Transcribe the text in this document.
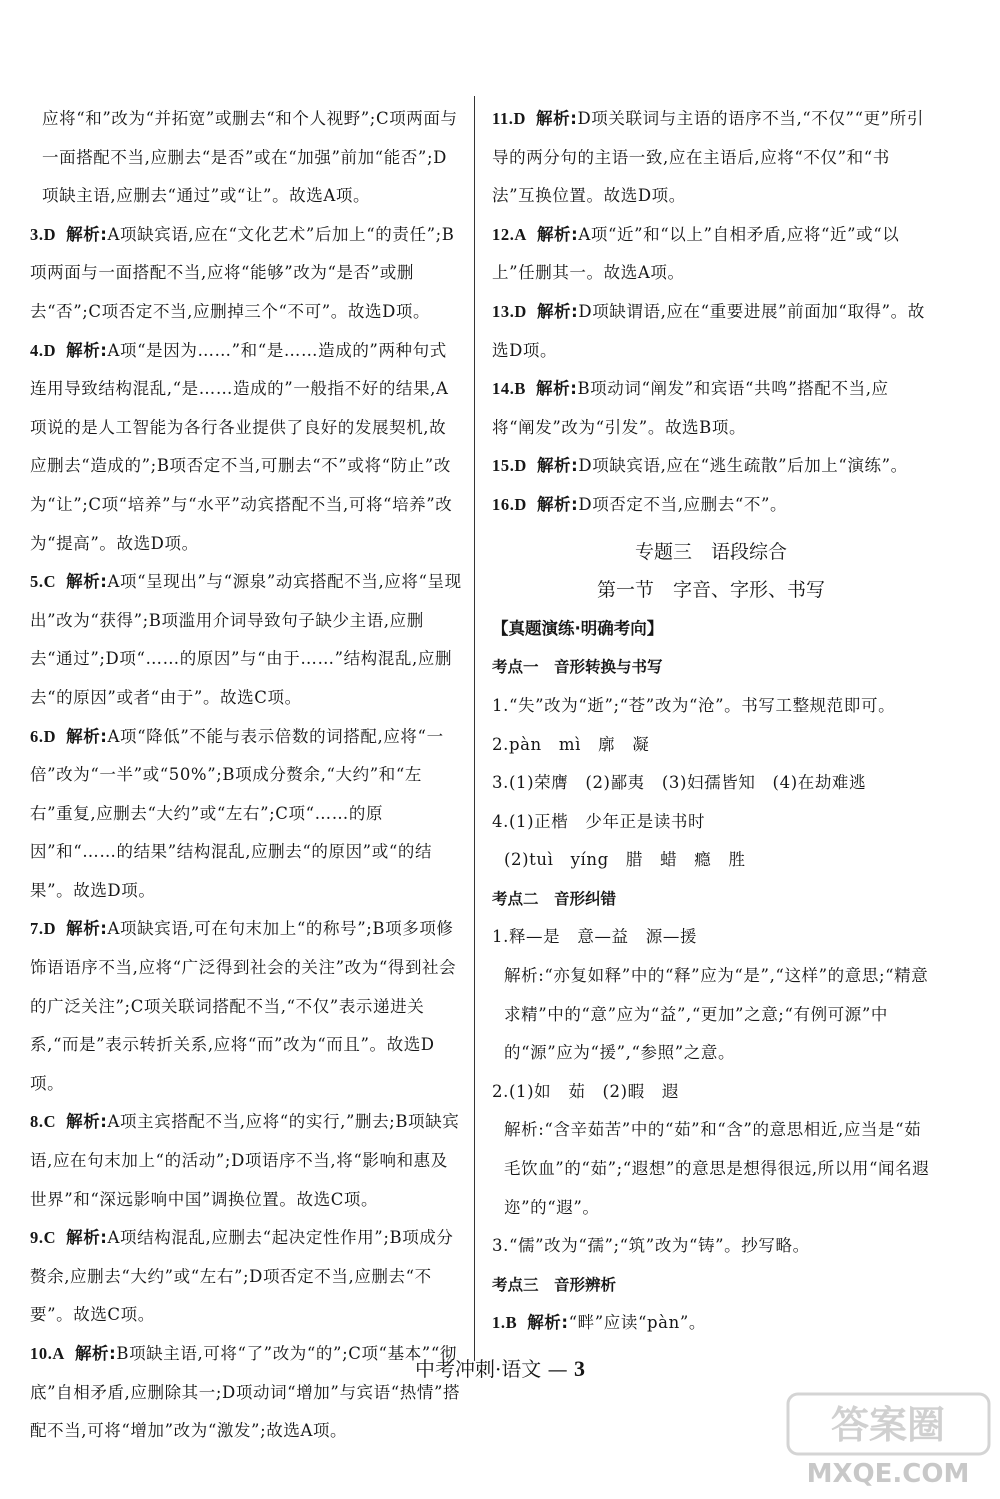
应将“和”改为“并拓宽”或删去“和个人视野”;C项两面与一面搭配不当,应删去“是否”或在“加强”前加“能否”;D项缺主语,应删去“通过”或“让”。故选A项。
3.D 解析:A项缺宾语,应在“文化艺术”后加上“的责任”;B项两面与一面搭配不当,应将“能够”改为“是否”或删去“否”;C项否定不当,应删掉三个“不可”。故选D项。
4.D 解析:A项“是因为……”和“是……造成的”两种句式连用导致结构混乱,“是……造成的”一般指不好的结果,A项说的是人工智能为各行各业提供了良好的发展契机,故应删去“造成的”;B项否定不当,可删去“不”或将“防止”改为“让”;C项“培养”与“水平”动宾搭配不当,可将“培养”改为“提高”。故选D项。
5.C 解析:A项“呈现出”与“源泉”动宾搭配不当,应将“呈现出”改为“获得”;B项滥用介词导致句子缺少主语,应删去“通过”;D项“……的原因”与“由于……”结构混乱,应删去“的原因”或者“由于”。故选C项。
6.D 解析:A项“降低”不能与表示倍数的词搭配,应将“一倍”改为“一半”或“50%”;B项成分赘余,“大约”和“左右”重复,应删去“大约”或“左右”;C项“……的原因”和“……的结果”结构混乱,应删去“的原因”或“的结果”。故选D项。
7.D 解析:A项缺宾语,可在句末加上“的称号”;B项多项修饰语语序不当,应将“广泛得到社会的关注”改为“得到社会的广泛关注”;C项关联词搭配不当,“不仅”表示递进关系,“而是”表示转折关系,应将“而”改为“而且”。故选D项。
8.C 解析:A项主宾搭配不当,应将“的实行,”删去;B项缺宾语,应在句末加上“的活动”;D项语序不当,将“影响和惠及世界”和“深远影响中国”调换位置。故选C项。
9.C 解析:A项结构混乱,应删去“起决定性作用”;B项成分赘余,应删去“大约”或“左右”;D项否定不当,应删去“不要”。故选C项。
10.A 解析:B项缺主语,可将“了”改为“的”;C项“基本”“彻底”自相矛盾,应删除其一;D项动词“增加”与宾语“热情”搭配不当,可将“增加”改为“激发”;故选A项。
11.D 解析:D项关联词与主语的语序不当,“不仅”“更”所引导的两分句的主语一致,应在主语后,应将“不仅”和“书法”互换位置。故选D项。
12.A 解析:A项“近”和“以上”自相矛盾,应将“近”或“以上”任删其一。故选A项。
13.D 解析:D项缺谓语,应在“重要进展”前面加“取得”。故选D项。
14.B 解析:B项动词“阐发”和宾语“共鸣”搭配不当,应将“阐发”改为“引发”。故选B项。
15.D 解析:D项缺宾语,应在“逃生疏散”后加上“演练”。
16.D 解析:D项否定不当,应删去“不”。
专题三　语段综合
第一节　字音、字形、书写
【真题演练·明确考向】
考点一　音形转换与书写
1.“失”改为“逝”;“苍”改为“沧”。书写工整规范即可。
2.pàn　mì　廓　凝
3.(1)荣膺　(2)鄙夷　(3)妇孺皆知　(4)在劫难逃
4.(1)正楷　少年正是读书时
(2)tuì　yíng　腊　蜡　瘾　胜
考点二　音形纠错
1.释—是　意—益　源—援
解析:“亦复如释”中的“释”应为“是”,“这样”的意思;“精意求精”中的“意”应为“益”,“更加”之意;“有例可源”中的“源”应为“援”,“参照”之意。
2.(1)如　茹　(2)暇　遐
解析:“含辛茹苦”中的“茹”和“含”的意思相近,应当是“茹毛饮血”的“茹”;“遐想”的意思是想得很远,所以用“闻名遐迩”的“遐”。
3.“儒”改为“孺”;“筑”改为“铸”。抄写略。
考点三　音形辨析
1.B 解析:“畔”应读“pàn”。
中考冲刺·语文 — 3
答案圈
MXQE.COM
